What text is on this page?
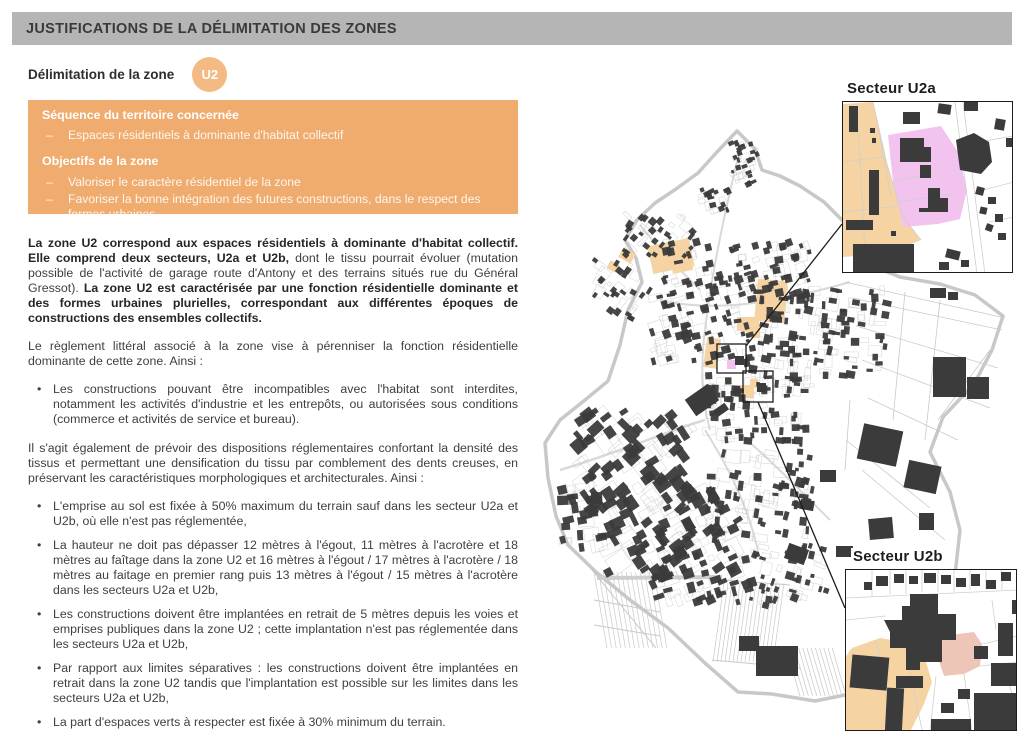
Secteur U2a
Secteur U2b
JUSTIFICATIONS DE LA DÉLIMITATION DES ZONES
Délimitation de la zone	U2
Séquence du territoire concernée
– Espaces résidentiels à dominante d'habitat collectif
Objectifs de la zone
– Valoriser le caractère résidentiel de la zone
– Favoriser la bonne intégration des futures constructions, dans le respect des formes urbaines

La zone U2 correspond aux espaces résidentiels à dominante d'habitat collectif. Elle comprend deux secteurs, U2a et U2b, dont le tissu pourrait évoluer (mutation possible de l'activité de garage route d'Antony et des terrains situés rue du Général Gressot). La zone U2 est caractérisée par une fonction résidentielle dominante et des formes urbaines plurielles, correspondant aux différentes époques de constructions des ensembles collectifs.

Le règlement littéral associé à la zone vise à pérenniser la fonction résidentielle dominante de cette zone. Ainsi :

• Les constructions pouvant être incompatibles avec l'habitat sont interdites, notamment les activités d'industrie et les entrepôts, ou autorisées sous conditions (commerce et activités de service et bureau).

Il s'agit également de prévoir des dispositions réglementaires confortant la densité des tissus et permettant une densification du tissu par comblement des dents creuses, en préservant les caractéristiques morphologiques et architecturales. Ainsi :

• L'emprise au sol est fixée à 50% maximum du terrain sauf dans les secteur U2a et U2b, où elle n'est pas réglementée,
• La hauteur ne doit pas dépasser 12 mètres à l'égout, 11 mètres à l'acrotère et 18 mètres au faîtage dans la zone U2 et 16 mètres à l'égout / 17 mètres à l'acrotère / 18 mètres au faitage en premier rang puis 13 mètres à l'égout / 15 mètres à l'acrotère dans les secteurs U2a et U2b,
• Les constructions doivent être implantées en retrait de 5 mètres depuis les voies et emprises publiques dans la zone U2 ; cette implantation n'est pas réglementée dans les secteurs U2a et U2b,
• Par rapport aux limites séparatives : les constructions doivent être implantées en retrait dans la zone U2 tandis que l'implantation est possible sur les limites dans les secteurs U2a et U2b,
• La part d'espaces verts à respecter est fixée à 30% minimum du terrain.
